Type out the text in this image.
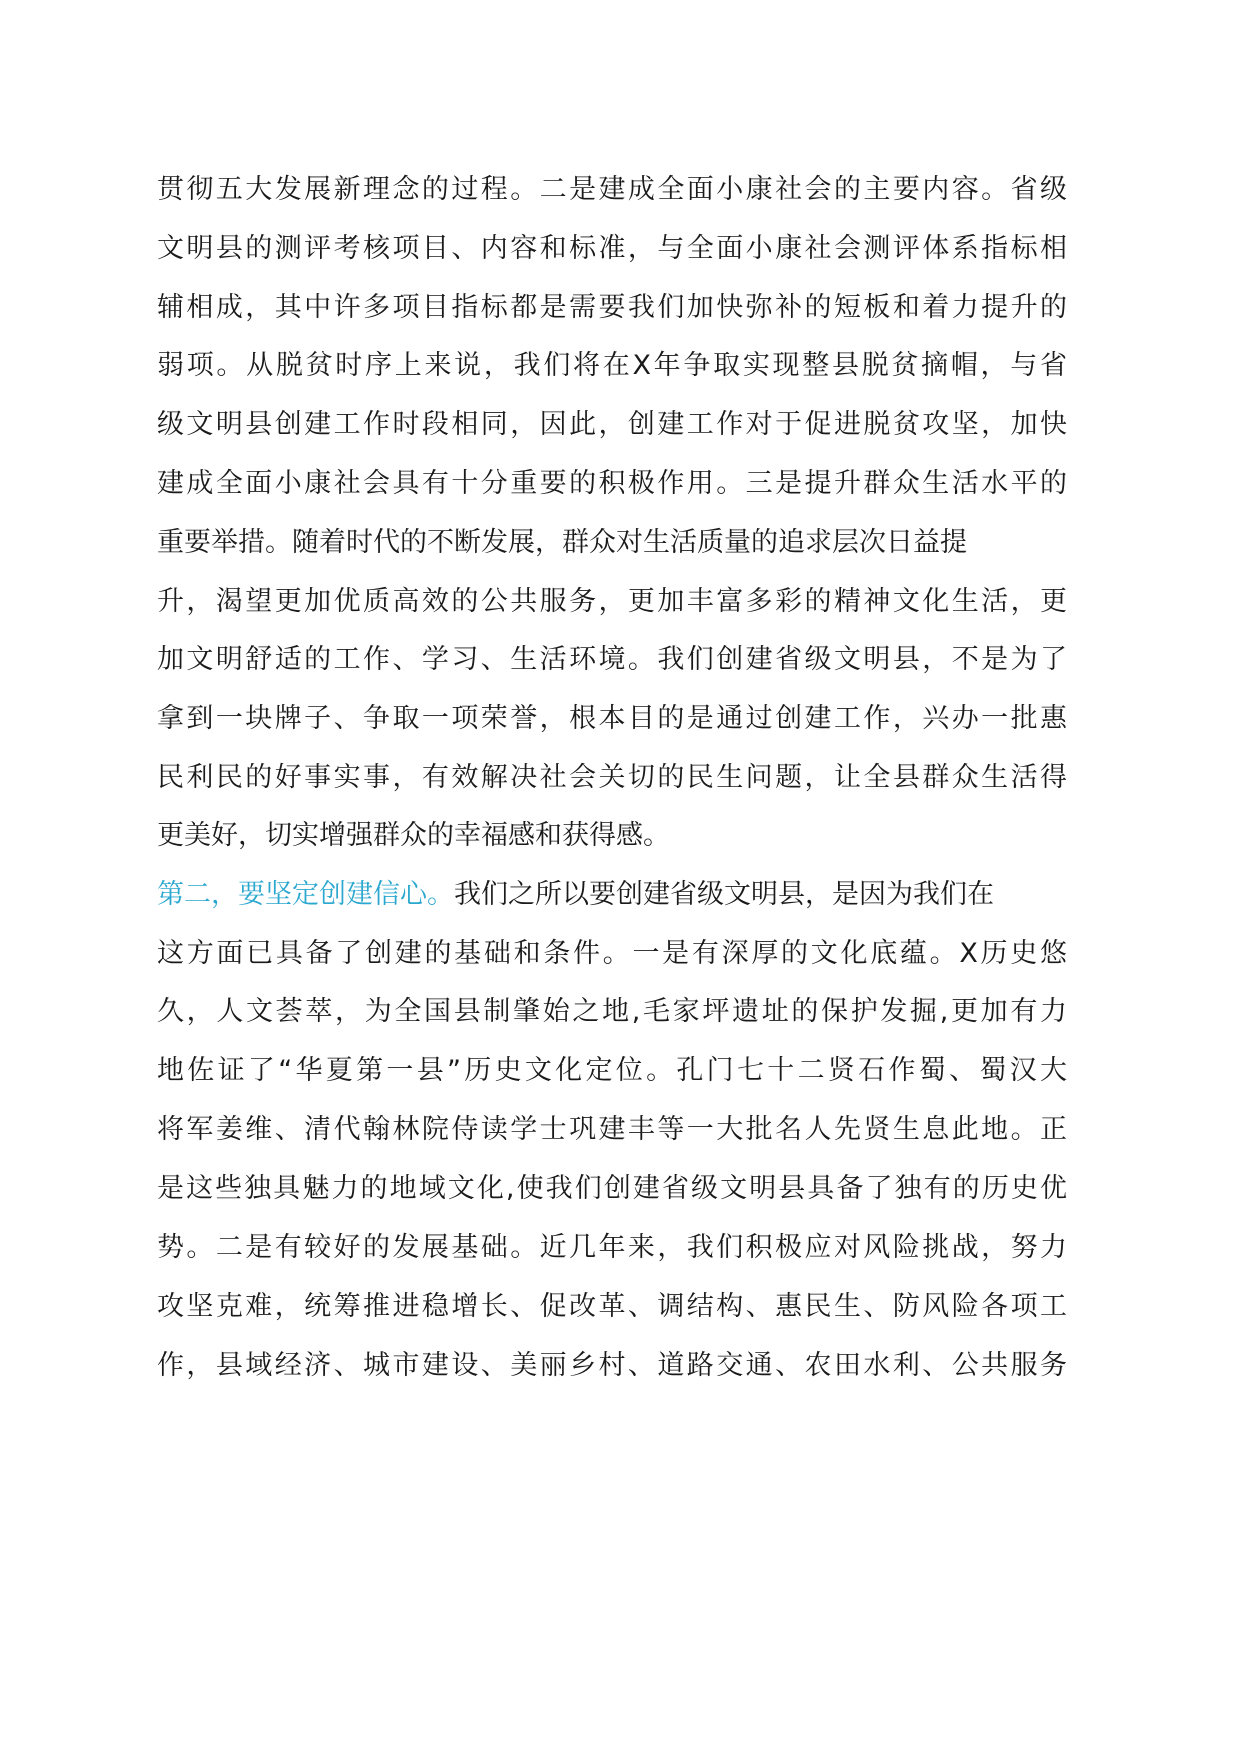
贯彻五大发展新理念的过程。二是建成全面小康社会的主要内容。省级

文明县的测评考核项目、内容和标准，与全面小康社会测评体系指标相

辅相成，其中许多项目指标都是需要我们加快弥补的短板和着力提升的

弱项。从脱贫时序上来说，我们将在X年争取实现整县脱贫摘帽，与省

级文明县创建工作时段相同，因此，创建工作对于促进脱贫攻坚，加快

建成全面小康社会具有十分重要的积极作用。三是提升群众生活水平的

重要举措。随着时代的不断发展，群众对生活质量的追求层次日益提

升，渴望更加优质高效的公共服务，更加丰富多彩的精神文化生活，更

加文明舒适的工作、学习、生活环境。我们创建省级文明县，不是为了

拿到一块牌子、争取一项荣誉，根本目的是通过创建工作，兴办一批惠

民利民的好事实事，有效解决社会关切的民生问题，让全县群众生活得

更美好，切实增强群众的幸福感和获得感。

第二，要坚定创建信心。我们之所以要创建省级文明县，是因为我们在

这方面已具备了创建的基础和条件。一是有深厚的文化底蕴。X历史悠

久，人文荟萃，为全国县制肇始之地,毛家坪遗址的保护发掘,更加有力

地佐证了“华夏第一县”历史文化定位。孔门七十二贤石作蜀、蜀汉大

将军姜维、清代翰林院侍读学士巩建丰等一大批名人先贤生息此地。正

是这些独具魅力的地域文化,使我们创建省级文明县具备了独有的历史优

势。二是有较好的发展基础。近几年来，我们积极应对风险挑战，努力

攻坚克难，统筹推进稳增长、促改革、调结构、惠民生、防风险各项工

作，县域经济、城市建设、美丽乡村、道路交通、农田水利、公共服务
